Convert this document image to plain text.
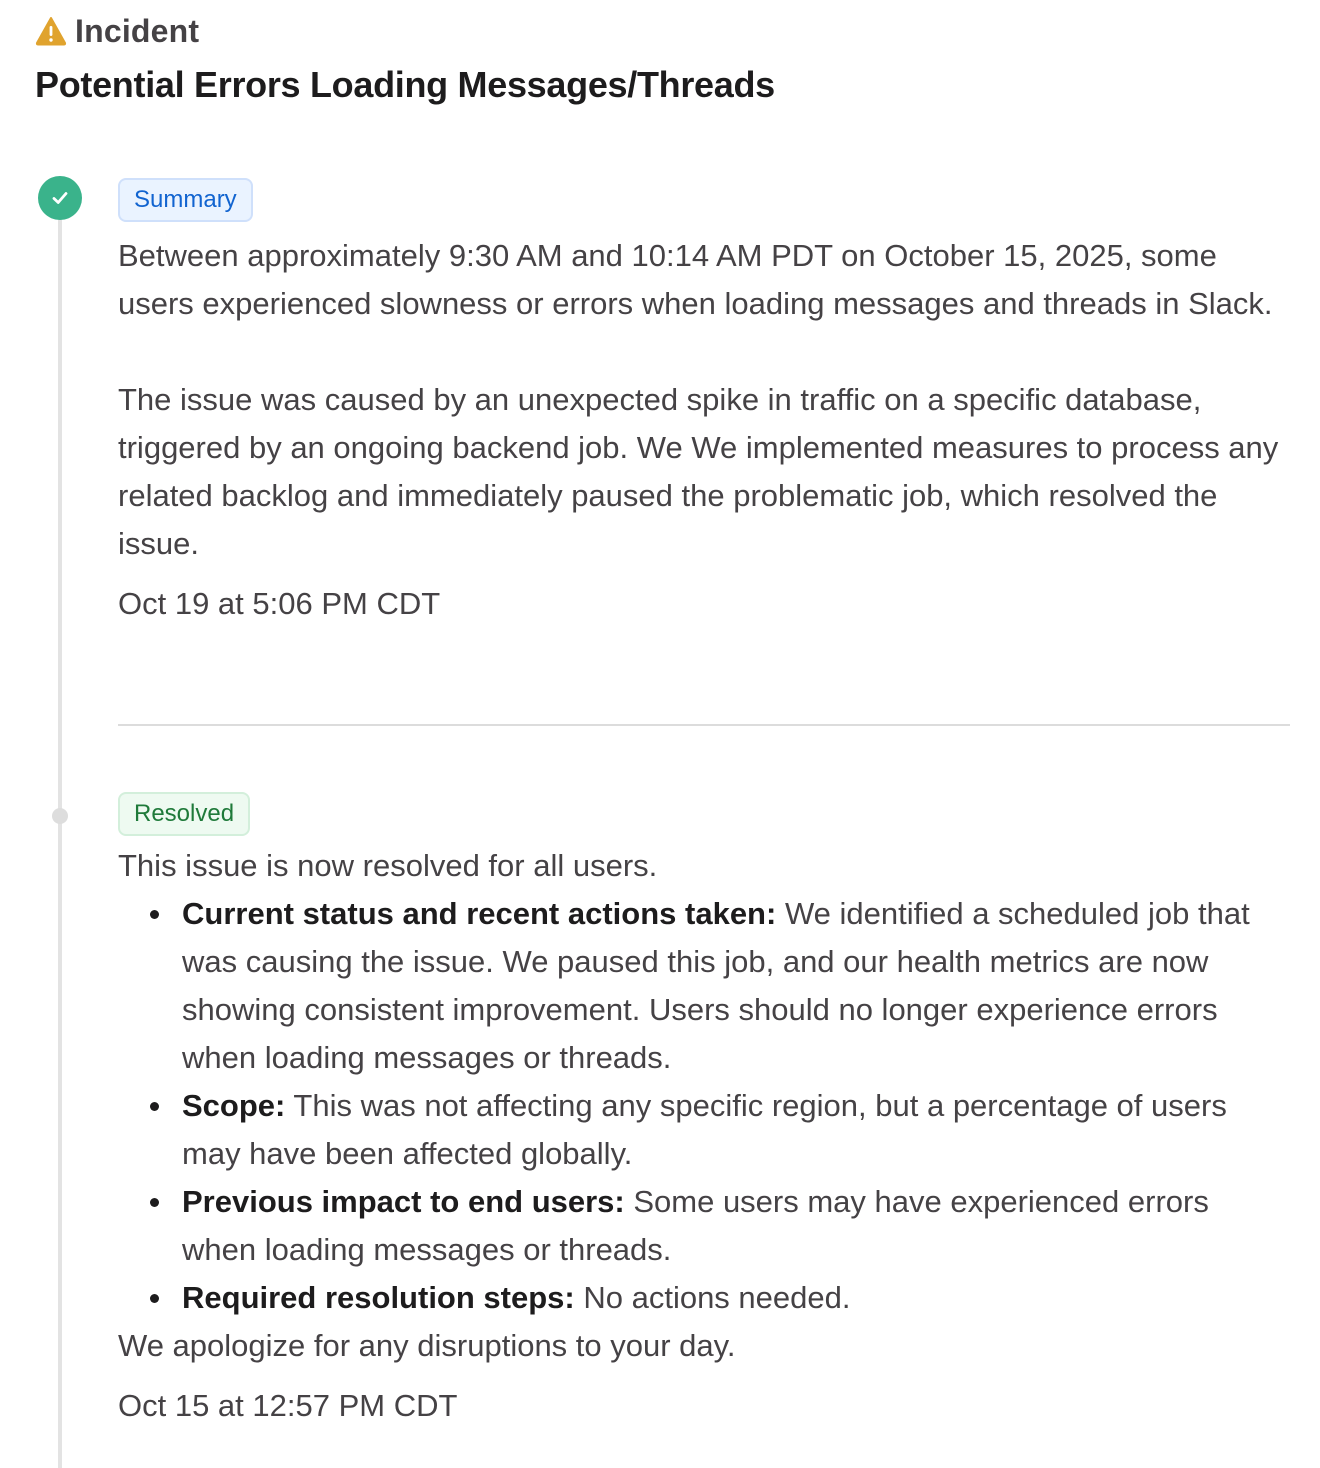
Incident
Potential Errors Loading Messages/Threads
Summary

Between approximately 9:30 AM and 10:14 AM PDT on October 15, 2025, some users experienced slowness or errors when loading messages and threads in Slack.

The issue was caused by an unexpected spike in traffic on a specific database, triggered by an ongoing backend job. We We implemented measures to process any related backlog and immediately paused the problematic job, which resolved the issue.

Oct 19 at 5:06 PM CDT
Resolved

This issue is now resolved for all users.

Current status and recent actions taken: We identified a scheduled job that was causing the issue. We paused this job, and our health metrics are now showing consistent improvement. Users should no longer experience errors when loading messages or threads.
Scope: This was not affecting any specific region, but a percentage of users may have been affected globally.
Previous impact to end users: Some users may have experienced errors when loading messages or threads.
Required resolution steps: No actions needed.

We apologize for any disruptions to your day.

Oct 15 at 12:57 PM CDT
